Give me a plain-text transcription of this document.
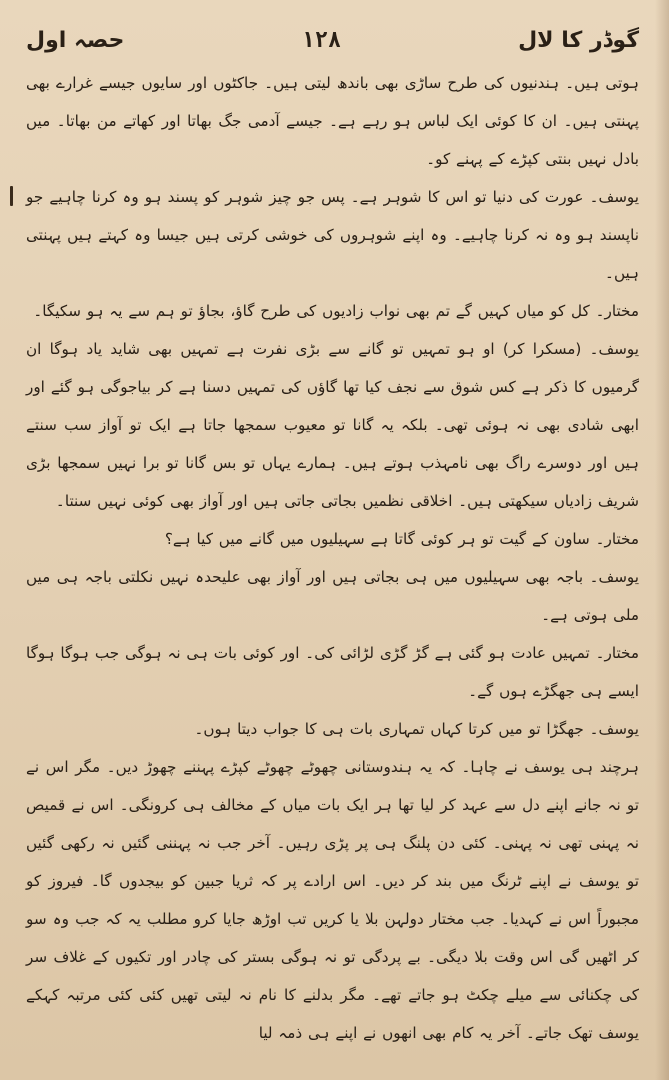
گوڈر کا لال
۱۲۸
حصہ اول

ہوتی ہیں۔ ہندنیوں کی طرح ساڑی بھی باندھ لیتی ہیں۔ جاکٹوں اور سایوں جیسے غرارے بھی پہنتی ہیں۔ ان کا کوئی ایک لباس ہو رہے ہے۔ جیسے آدمی جگ بھاتا اور کھاتے من بھاتا۔ میں بادل نہیں بنتی کپڑے کے پہنے کو۔

یوسف۔ عورت کی دنیا تو اس کا شوہر ہے۔ پس جو چیز شوہر کو پسند ہو وہ کرنا چاہیے جو ناپسند ہو وہ نہ کرنا چاہیے۔ وہ اپنے شوہروں کی خوشی کرتی ہیں جیسا وہ کہتے ہیں پہنتی ہیں۔

مختار۔ کل کو میاں کہیں گے تم بھی نواب زادیوں کی طرح گاؤ، بجاؤ تو ہم سے یہ ہو سکیگا۔

یوسف۔ (مسکرا کر) او ہو تمہیں تو گانے سے بڑی نفرت ہے تمہیں بھی شاید یاد ہوگا ان گرمیوں کا ذکر ہے کس شوق سے نجف کیا تھا گاؤں کی تمہیں دسنا ہے کر بیاجوگی ہو گئے اور ابھی شادی بھی نہ ہوئی تھی۔ بلکہ یہ گانا تو معیوب سمجھا جاتا ہے ایک تو آواز سب سنتے ہیں اور دوسرے راگ بھی نامہذب ہوتے ہیں۔ ہمارے یہاں تو بس گانا تو برا نہیں سمجھا بڑی شریف زادیاں سیکھتی ہیں۔ اخلاقی نظمیں بجاتی جاتی ہیں اور آواز بھی کوئی نہیں سنتا۔

مختار۔ ساون کے گیت تو ہر کوئی گاتا ہے سہیلیوں میں گانے میں کیا ہے؟

یوسف۔ باجہ بھی سہیلیوں میں ہی بجاتی ہیں اور آواز بھی علیحدہ نہیں نکلتی باجہ ہی میں ملی ہوتی ہے۔

مختار۔ تمہیں عادت ہو گئی ہے گڑ گڑی لڑائی کی۔ اور کوئی بات ہی نہ ہوگی جب ہوگا ہوگا ایسے ہی جھگڑے ہوں گے۔

یوسف۔ جھگڑا تو میں کرتا کہاں تمہاری بات ہی کا جواب دیتا ہوں۔

ہرچند ہی یوسف نے چاہا۔ کہ یہ ہندوستانی چھوٹے چھوٹے کپڑے پہننے چھوڑ دیں۔ مگر اس نے تو نہ جانے اپنے دل سے عہد کر لیا تھا ہر ایک بات میاں کے مخالف ہی کرونگی۔ اس نے قمیص نہ پہنی تھی نہ پہنی۔ کئی دن پلنگ ہی پر پڑی رہیں۔ آخر جب نہ پہننی گئیں نہ رکھی گئیں تو یوسف نے اپنے ٹرنگ میں بند کر دیں۔ اس ارادے پر کہ ثریا جبین کو بیجدوں گا۔ فیروز کو مجبوراً اس نے کہدیا۔ جب مختار دولہن بلا یا کریں تب اوڑھ جایا کرو مطلب یہ کہ جب وہ سو کر اٹھیں گی اس وقت بلا دیگی۔ بے پردگی تو نہ ہوگی بستر کی چادر اور تکیوں کے غلاف سر کی چکنائی سے میلے چکٹ ہو جاتے تھے۔ مگر بدلنے کا نام نہ لیتی تھیں کئی کئی مرتبہ کہکے یوسف تھک جاتے۔ آخر یہ کام بھی انھوں نے اپنے ہی ذمہ لیا
